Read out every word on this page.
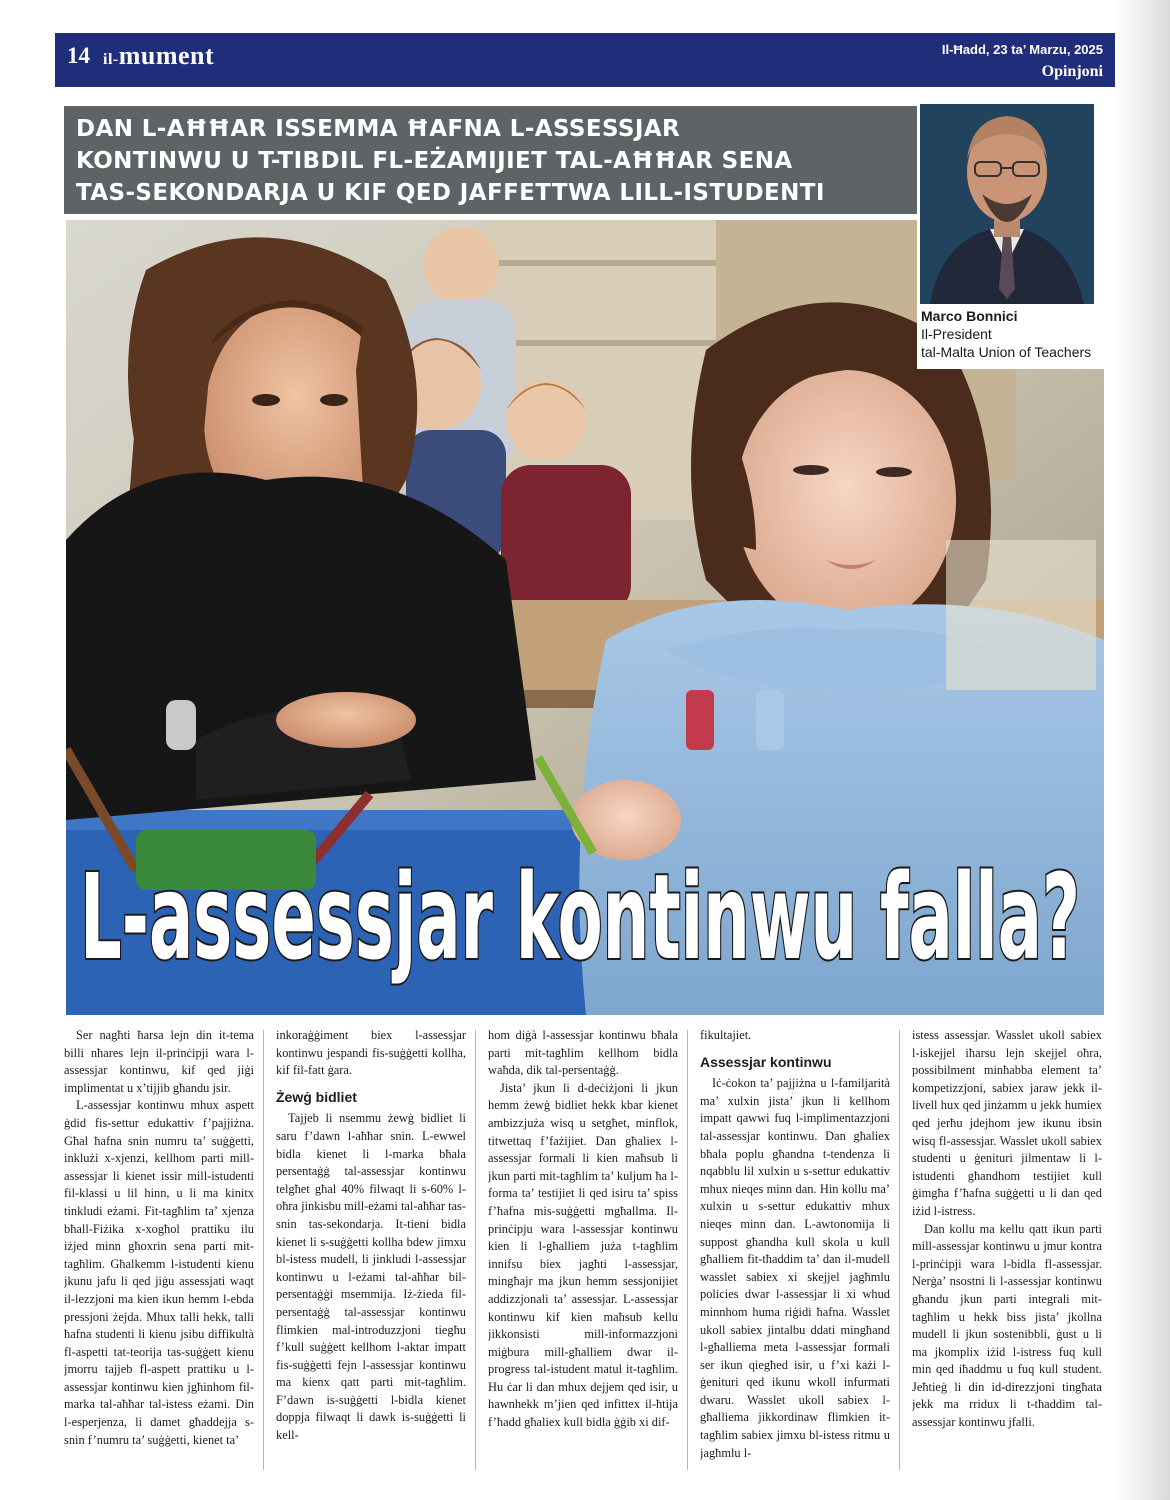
14 il-mument	Il-Ħadd, 23 ta’ Marzu, 2025
Opinjoni
DAN L-AĦĦAR ISSEMMA ĦAFNA L-ASSESSJAR
KONTINWU U T-TIBDIL FL-EŻAMIJIET TAL-AĦĦAR SENA
TAS-SEKONDARJA U KIF QED JAFFETTWA LILL-ISTUDENTI
Marco Bonnici
Il-President
tal-Malta Union of Teachers
L-assessjar kontinwu falla?

Ser nagħti ħarsa lejn din it-tema billi nħares lejn il-prinċipji wara l-assessjar kontinwu, kif qed jiġi implimentat u x’tijjib għandu jsir.

L-assessjar kontinwu mhux aspett ġdid fis-settur edukattiv f’pajjiżna. Għal ħafna snin numru ta’ suġġetti, inklużi x-xjenzi, kellhom parti mill-assessjar li kienet issir mill-istudenti fil-klassi u lil hinn, u li ma kinitx tinkludi eżami. Fit-tagħlim ta’ xjenza bħall-Fiżika x-xogħol prattiku ilu iżjed minn għoxrin sena parti mit-tagħlim. Għalkemm l-istudenti kienu jkunu jafu li qed jiġu assessjati waqt il-lezzjoni ma kien ikun hemm l-ebda pressjoni żejda. Mhux talli hekk, talli ħafna studenti li kienu jsibu diffikultà fl-aspetti tat-teorija tas-suġġett kienu jmorru tajjeb fl-aspett prattiku u l-assessjar kontinwu kien jgħinhom fil-marka tal-aħħar tal-istess eżami. Din l-esperjenza, li damet għaddejja s-snin f’numru ta’ suġġetti, kienet ta’

inkoraġġiment biex l-assessjar kontinwu jespandi fis-suġġetti kollha, kif fil-fatt ġara.

Żewġ bidliet

Tajjeb li nsemmu żewġ bidliet li saru f’dawn l-aħħar snin. L-ewwel bidla kienet li l-marka bħala persentaġġ tal-assessjar kontinwu telgħet għal 40% filwaqt li s-60% l-oħra jinkisbu mill-eżami tal-aħħar tas-snin tas-sekondarja. It-tieni bidla kienet li s-suġġetti kollha bdew jimxu bl-istess mudell, li jinkludi l-assessjar kontinwu u l-eżami tal-aħħar bil-persentaġġi msemmija. Iż-żieda fil-persentaġġ tal-assessjar kontinwu flimkien mal-introduzzjoni tiegħu f’kull suġġett kellhom l-aktar impatt fis-suġġetti fejn l-assessjar kontinwu ma kienx qatt parti mit-tagħlim. F’dawn is-suġġetti l-bidla kienet doppja filwaqt li dawk is-suġġetti li kell-

hom diġà l-assessjar kontinwu bħala parti mit-tagħlim kellhom bidla waħda, dik tal-persentaġġ.

Jista’ jkun li d-deċiżjoni li jkun hemm żewġ bidliet hekk kbar kienet ambizzjuża wisq u setgħet, minflok, titwettaq f’fażijiet. Dan għaliex l-assessjar formali li kien maħsub li jkun parti mit-tagħlim ta’ kuljum ħa l-forma ta’ testijiet li qed isiru ta’ spiss f’ħafna mis-suġġetti mgħallma. Il-prinċipju wara l-assessjar kontinwu kien li l-għalliem juża t-tagħlim innifsu biex jagħti l-assessjar, mingħajr ma jkun hemm sessjonijiet addizzjonali ta’ assessjar. L-assessjar kontinwu kif kien maħsub kellu jikkonsisti mill-informazzjoni miġbura mill-għalliem dwar il-progress tal-istudent matul it-tagħlim. Hu ċar li dan mhux dejjem qed isir, u hawnhekk m’jien qed infittex il-ħtija f’ħadd għaliex kull bidla ġġib xi dif-

fikultajiet.

Assessjar kontinwu

Iċ-ċokon ta’ pajjiżna u l-familjarità ma’ xulxin jista’ jkun li kellhom impatt qawwi fuq l-implimentazzjoni tal-assessjar kontinwu. Dan għaliex bħala poplu għandna t-tendenza li nqabblu lil xulxin u s-settur edukattiv mhux nieqes minn dan. Hin kollu ma’ xulxin u s-settur edukattiv mhux nieqes minn dan. L-awtonomija li suppost għandha kull skola u kull għalliem fit-tħaddim ta’ dan il-mudell wasslet sabiex xi skejjel jagħmlu policies dwar l-assessjar li xi whud minnhom huma riġidi ħafna. Wasslet ukoll sabiex jintalbu ddati mingħand l-għalliema meta l-assessjar formali ser ikun qiegħed isir, u f’xi każi l-ġenituri qed ikunu wkoll infurmati dwaru. Wasslet ukoll sabiex l-għalliema jikkordinaw flimkien it-tagħlim sabiex jimxu bl-istess ritmu u jagħmlu l-

istess assessjar. Wasslet ukoll sabiex l-iskejjel iħarsu lejn skejjel oħra, possibilment minħabba element ta’ kompetizzjoni, sabiex jaraw jekk il-livell hux qed jinżamm u jekk humiex qed jerħu jdejhom jew ikunu ibsin wisq fl-assessjar. Wasslet ukoll sabiex studenti u ġenituri jilmentaw li l-istudenti għandhom testijiet kull ġimgħa f’ħafna suġġetti u li dan qed iżid l-istress.

Dan kollu ma kellu qatt ikun parti mill-assessjar kontinwu u jmur kontra l-prinċipji wara l-bidla fl-assessjar. Nerġa’ nsostni li l-assessjar kontinwu għandu jkun parti integrali mit-tagħlim u hekk biss jista’ jkollna mudell li jkun sostenibbli, ġust u li ma jkomplix iżid l-istress fuq kull min qed iħaddmu u fuq kull student. Jeħtieġ li din id-direzzjoni tingħata jekk ma rridux li t-tħaddim tal-assessjar kontinwu jfalli.
